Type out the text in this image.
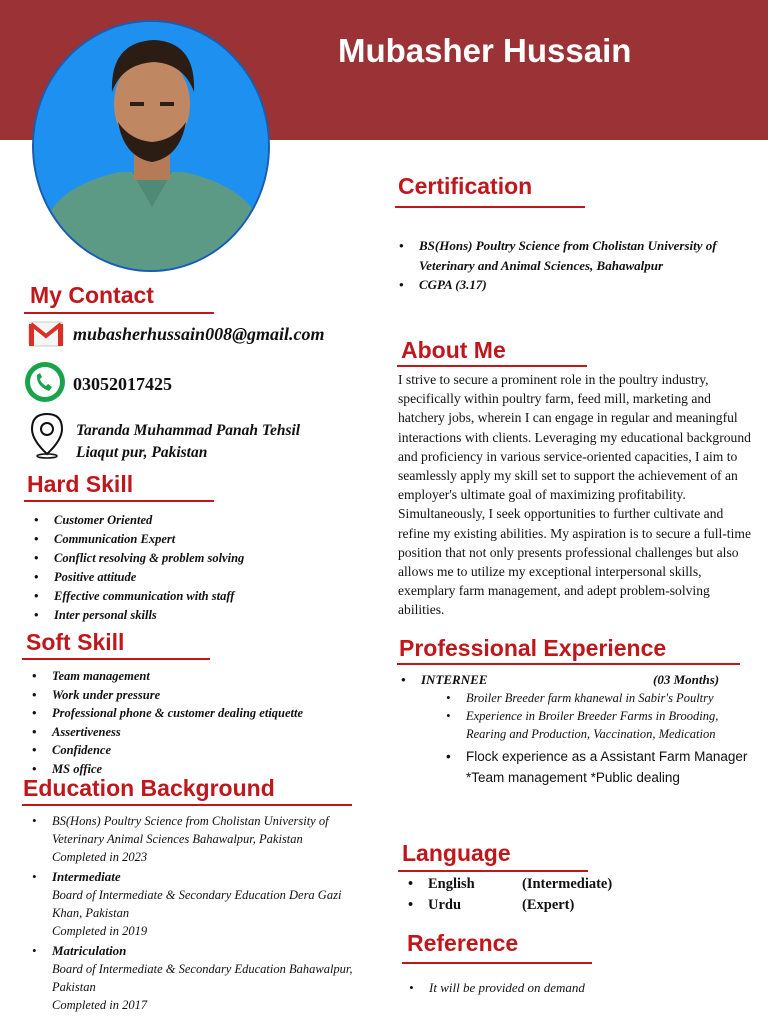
Mubasher Hussain
My Contact
mubasherhussain008@gmail.com
03052017425
Taranda Muhammad Panah Tehsil
Liaqut pur, Pakistan
Hard Skill
• Customer Oriented
• Communication Expert
• Conflict resolving & problem solving
• Positive attitude
• Effective communication with staff
• Inter personal skills
Soft Skill
• Team management
• Work under pressure
• Professional phone & customer dealing etiquette
• Assertiveness
• Confidence
• MS office
Education Background
• BS(Hons) Poultry Science from Cholistan University of Veterinary Animal Sciences Bahawalpur, Pakistan
Completed in 2023
• Intermediate
Board of Intermediate & Secondary Education Dera Gazi Khan, Pakistan
Completed in 2019
• Matriculation
Board of Intermediate & Secondary Education Bahawalpur, Pakistan
Completed in 2017
Certification
• BS(Hons) Poultry Science from Cholistan University of Veterinary and Animal Sciences, Bahawalpur
• CGPA (3.17)
About Me
I strive to secure a prominent role in the poultry industry, specifically within poultry farm, feed mill, marketing and hatchery jobs, wherein I can engage in regular and meaningful interactions with clients. Leveraging my educational background and proficiency in various service-oriented capacities, I aim to seamlessly apply my skill set to support the achievement of an employer's ultimate goal of maximizing profitability. Simultaneously, I seek opportunities to further cultivate and refine my existing abilities. My aspiration is to secure a full-time position that not only presents professional challenges but also allows me to utilize my exceptional interpersonal skills, exemplary farm management, and adept problem-solving abilities.
Professional Experience
• INTERNEE	(03 Months)
• Broiler Breeder farm khanewal in Sabir's Poultry
• Experience in Broiler Breeder Farms in Brooding, Rearing and Production, Vaccination, Medication
• Flock experience as a Assistant Farm Manager *Team management *Public dealing
Language
• English	(Intermediate)
• Urdu	(Expert)
Reference
• It will be provided on demand
